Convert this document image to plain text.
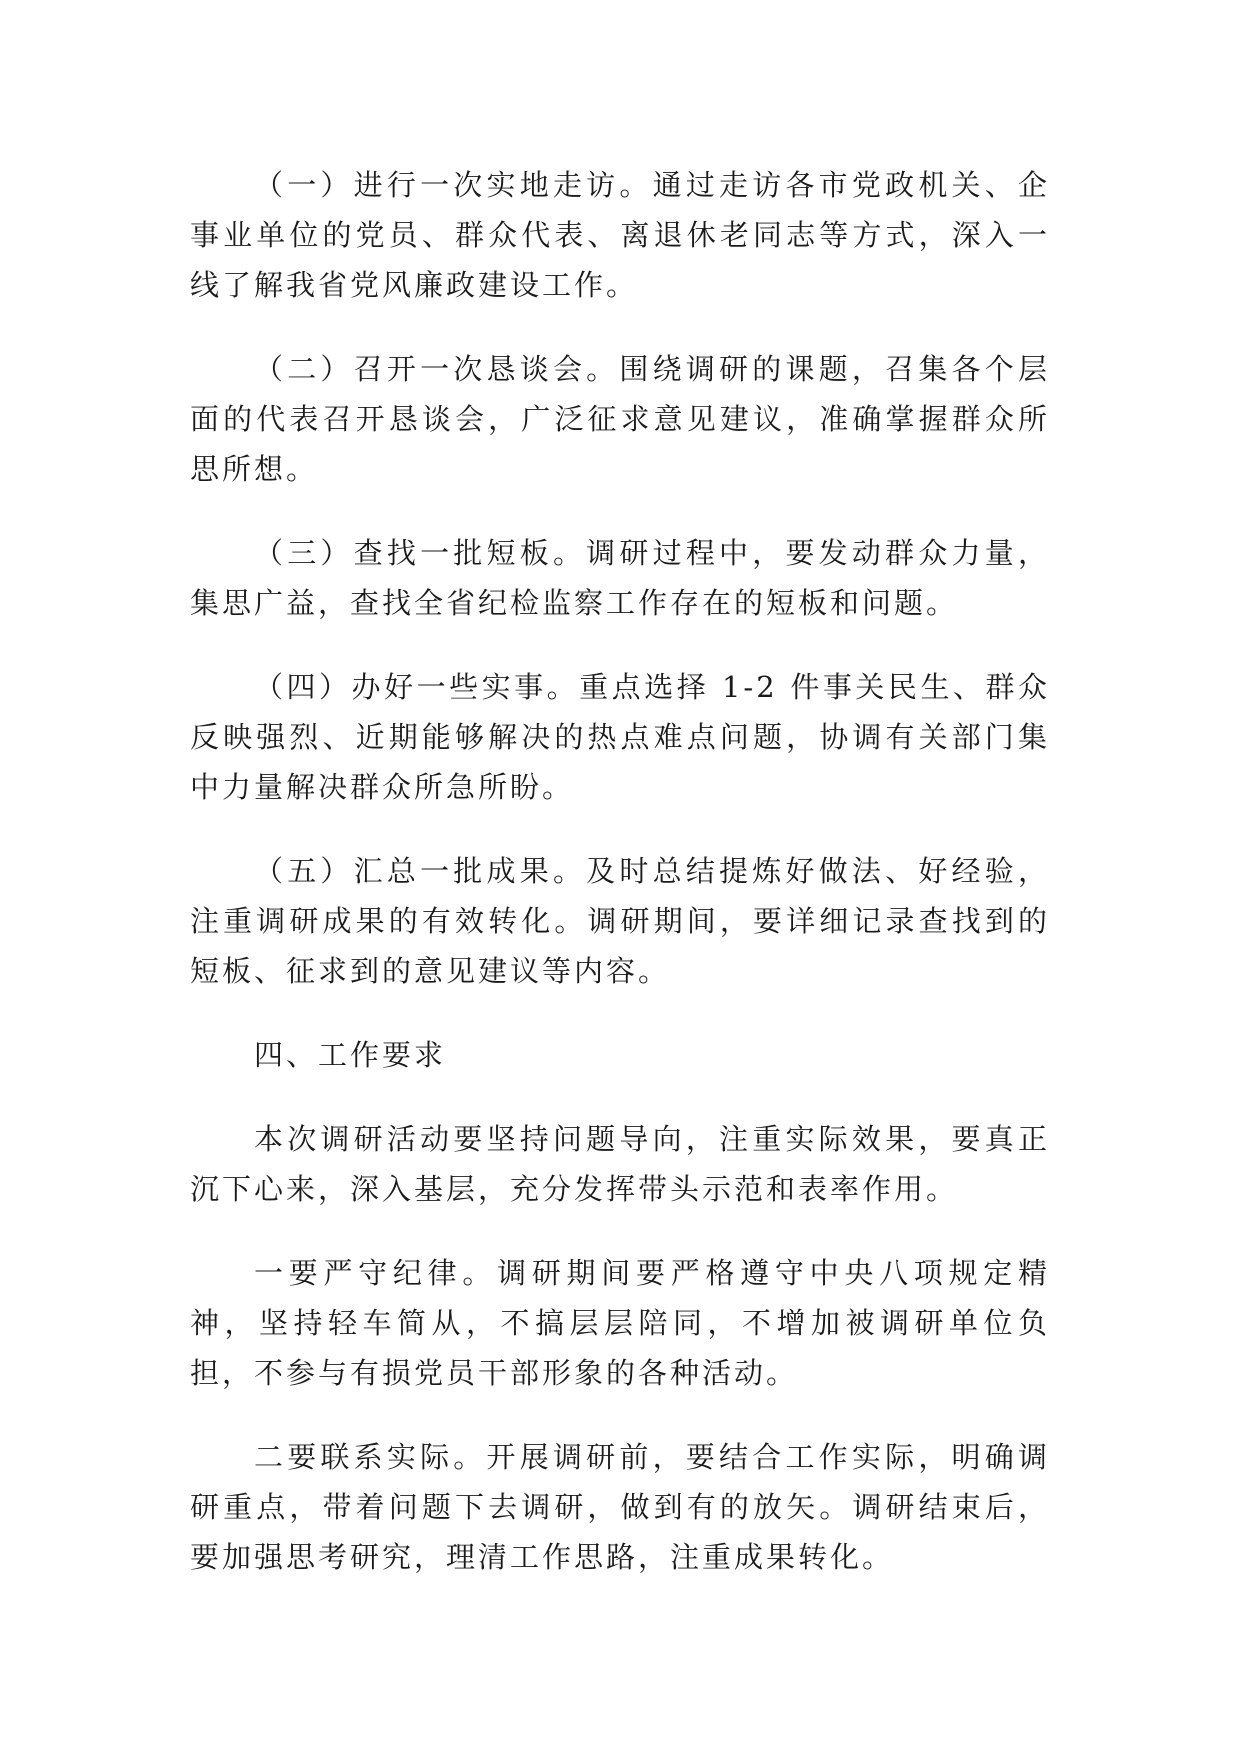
（一）进行一次实地走访。通过走访各市党政机关、企事业单位的党员、群众代表、离退休老同志等方式，深入一线了解我省党风廉政建设工作。

（二）召开一次恳谈会。围绕调研的课题，召集各个层面的代表召开恳谈会，广泛征求意见建议，准确掌握群众所思所想。

（三）查找一批短板。调研过程中，要发动群众力量，集思广益，查找全省纪检监察工作存在的短板和问题。

（四）办好一些实事。重点选择 1-2 件事关民生、群众反映强烈、近期能够解决的热点难点问题，协调有关部门集中力量解决群众所急所盼。

（五）汇总一批成果。及时总结提炼好做法、好经验，注重调研成果的有效转化。调研期间，要详细记录查找到的短板、征求到的意见建议等内容。

四、工作要求

本次调研活动要坚持问题导向，注重实际效果，要真正沉下心来，深入基层，充分发挥带头示范和表率作用。

一要严守纪律。调研期间要严格遵守中央八项规定精神，坚持轻车简从，不搞层层陪同，不增加被调研单位负担，不参与有损党员干部形象的各种活动。

二要联系实际。开展调研前，要结合工作实际，明确调研重点，带着问题下去调研，做到有的放矢。调研结束后，要加强思考研究，理清工作思路，注重成果转化。
